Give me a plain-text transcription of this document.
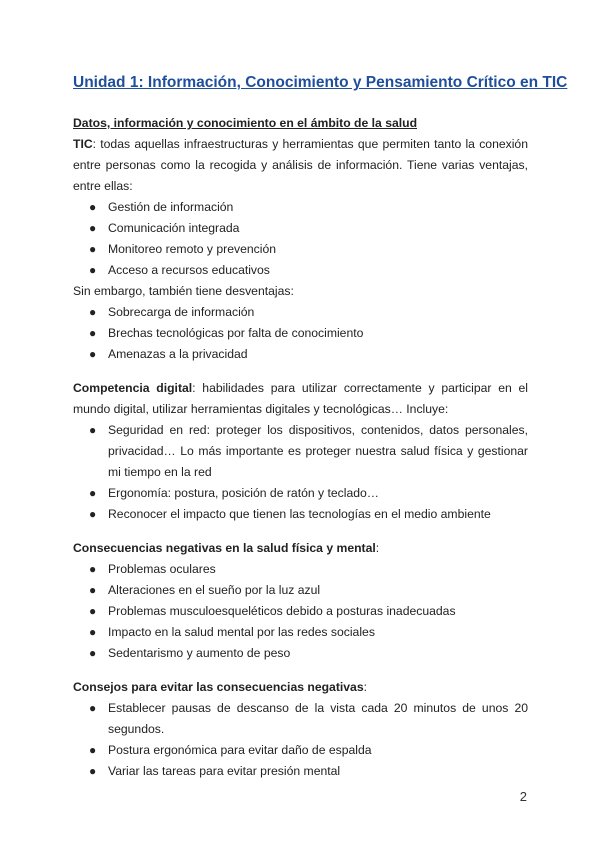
Unidad 1: Información, Conocimiento y Pensamiento Crítico en TIC

Datos, información y conocimiento en el ámbito de la salud

TIC: todas aquellas infraestructuras y herramientas que permiten tanto la conexión entre personas como la recogida y análisis de información. Tiene varias ventajas, entre ellas:

● Gestión de información
● Comunicación integrada
● Monitoreo remoto y prevención
● Acceso a recursos educativos

Sin embargo, también tiene desventajas:

● Sobrecarga de información
● Brechas tecnológicas por falta de conocimiento
● Amenazas a la privacidad

Competencia digital: habilidades para utilizar correctamente y participar en el mundo digital, utilizar herramientas digitales y tecnológicas… Incluye:

● Seguridad en red: proteger los dispositivos, contenidos, datos personales, privacidad… Lo más importante es proteger nuestra salud física y gestionar mi tiempo en la red
● Ergonomía: postura, posición de ratón y teclado…
● Reconocer el impacto que tienen las tecnologías en el medio ambiente

Consecuencias negativas en la salud física y mental:

● Problemas oculares
● Alteraciones en el sueño por la luz azul
● Problemas musculoesqueléticos debido a posturas inadecuadas
● Impacto en la salud mental por las redes sociales
● Sedentarismo y aumento de peso

Consejos para evitar las consecuencias negativas:

● Establecer pausas de descanso de la vista cada 20 minutos de unos 20 segundos.
● Postura ergonómica para evitar daño de espalda
● Variar las tareas para evitar presión mental
2
